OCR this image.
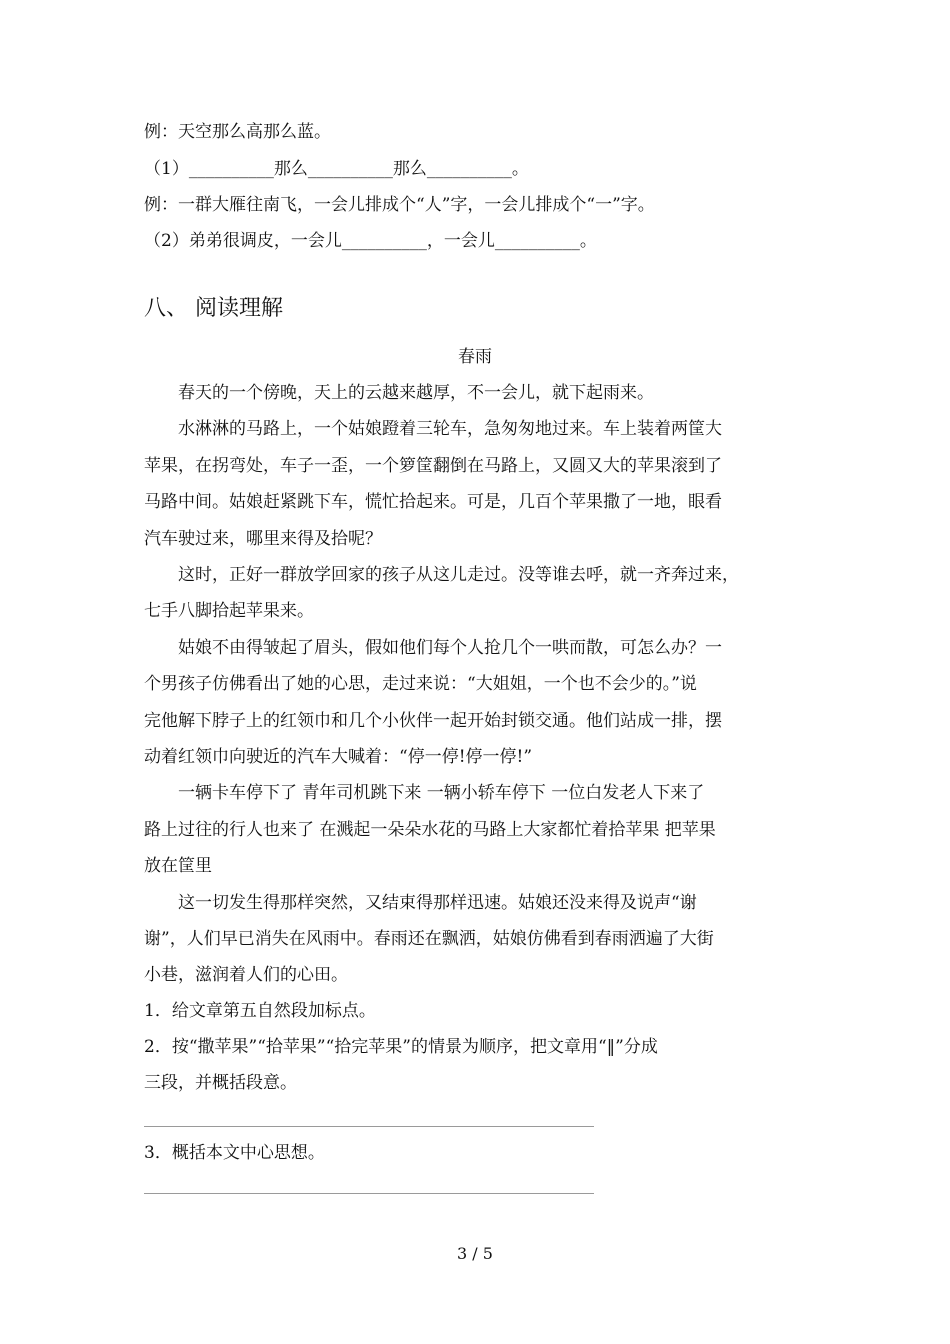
例：天空那么高那么蓝。
（1）__________那么__________那么__________。
例：一群大雁往南飞，一会儿排成个“人”字，一会儿排成个“一”字。
（2）弟弟很调皮，一会儿__________，一会儿__________。
八、 阅读理解
春雨
春天的一个傍晚，天上的云越来越厚，不一会儿，就下起雨来。
水淋淋的马路上，一个姑娘蹬着三轮车，急匆匆地过来。车上装着两筐大
苹果，在拐弯处，车子一歪，一个箩筐翻倒在马路上，又圆又大的苹果滚到了
马路中间。姑娘赶紧跳下车，慌忙拾起来。可是，几百个苹果撒了一地，眼看
汽车驶过来，哪里来得及拾呢？
这时，正好一群放学回家的孩子从这儿走过。没等谁去呼，就一齐奔过来，
七手八脚拾起苹果来。
姑娘不由得皱起了眉头，假如他们每个人抢几个一哄而散，可怎么办？一
个男孩子仿佛看出了她的心思，走过来说：“大姐姐，一个也不会少的。”说
完他解下脖子上的红领巾和几个小伙伴一起开始封锁交通。他们站成一排，摆
动着红领巾向驶近的汽车大喊着：“停一停!停一停!”
一辆卡车停下了 青年司机跳下来 一辆小轿车停下 一位白发老人下来了
路上过往的行人也来了 在溅起一朵朵水花的马路上大家都忙着拾苹果 把苹果
放在筐里
这一切发生得那样突然，又结束得那样迅速。姑娘还没来得及说声“谢
谢”，人们早已消失在风雨中。春雨还在飘洒，姑娘仿佛看到春雨洒遍了大街
小巷，滋润着人们的心田。
1．给文章第五自然段加标点。
2．按“撒苹果”“拾苹果”“拾完苹果”的情景为顺序，把文章用“‖”分成
三段，并概括段意。
3．概括本文中心思想。
3 / 5
